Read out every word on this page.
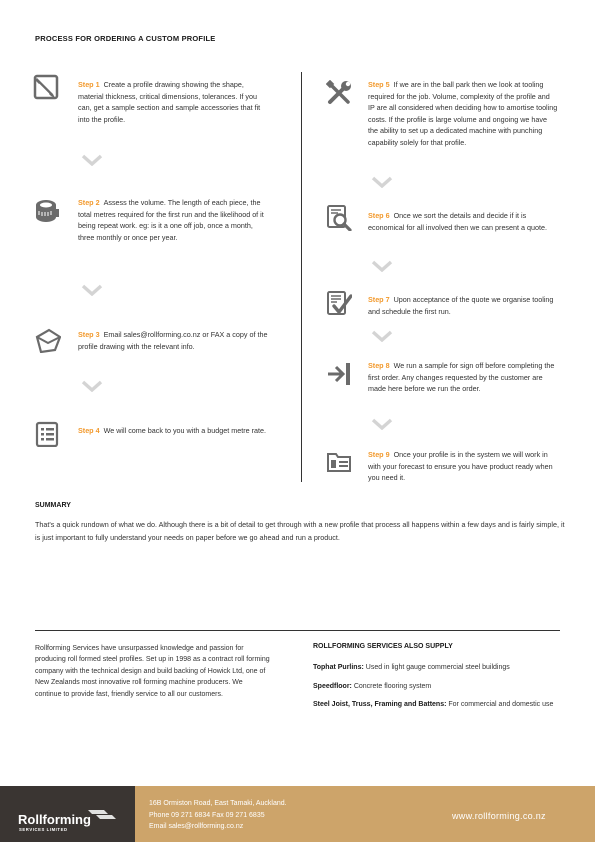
PROCESS FOR ORDERING A CUSTOM PROFILE
Step 1 Create a profile drawing showing the shape, material thickness, critical dimensions, tolerances. If you can, get a sample section and sample accessories that fit into the profile.
Step 2 Assess the volume. The length of each piece, the total metres required for the first run and the likelihood of it being repeat work. eg: is it a one off job, once a month, three monthly or once per year.
Step 3 Email sales@rollforming.co.nz or FAX a copy of the profile drawing with the relevant info.
Step 4 We will come back to you with a budget metre rate.
Step 5 If we are in the ball park then we look at tooling required for the job. Volume, complexity of the profile and IP are all considered when deciding how to amortise tooling costs. If the profile is large volume and ongoing we have the ability to set up a dedicated machine with punching capability solely for that profile.
Step 6 Once we sort the details and decide if it is economical for all involved then we can present a quote.
Step 7 Upon acceptance of the quote we organise tooling and schedule the first run.
Step 8 We run a sample for sign off before completing the first order. Any changes requested by the customer are made here before we run the order.
Step 9 Once your profile is in the system we will work in with your forecast to ensure you have product ready when you need it.
SUMMARY
That's a quick rundown of what we do. Although there is a bit of detail to get through with a new profile that process all happens within a few days and is fairly simple, it is just important to fully understand your needs on paper before we go ahead and run a product.
Rollforming Services have unsurpassed knowledge and passion for producing roll formed steel profiles. Set up in 1998 as a contract roll forming company with the technical design and build backing of Howick Ltd, one of New Zealands most innovative roll forming machine producers. We continue to provide fast, friendly service to all our customers.
ROLLFORMING SERVICES ALSO SUPPLY
Tophat Purlins: Used in light gauge commercial steel buildings
Speedfloor: Concrete flooring system
Steel Joist, Truss, Framing and Battens: For commercial and domestic use
Rollforming
SERVICES LIMITED
16B Ormiston Road, East Tamaki, Auckland.
Phone 09 271 6834 Fax 09 271 6835
Email sales@rollforming.co.nz
www.rollforming.co.nz
